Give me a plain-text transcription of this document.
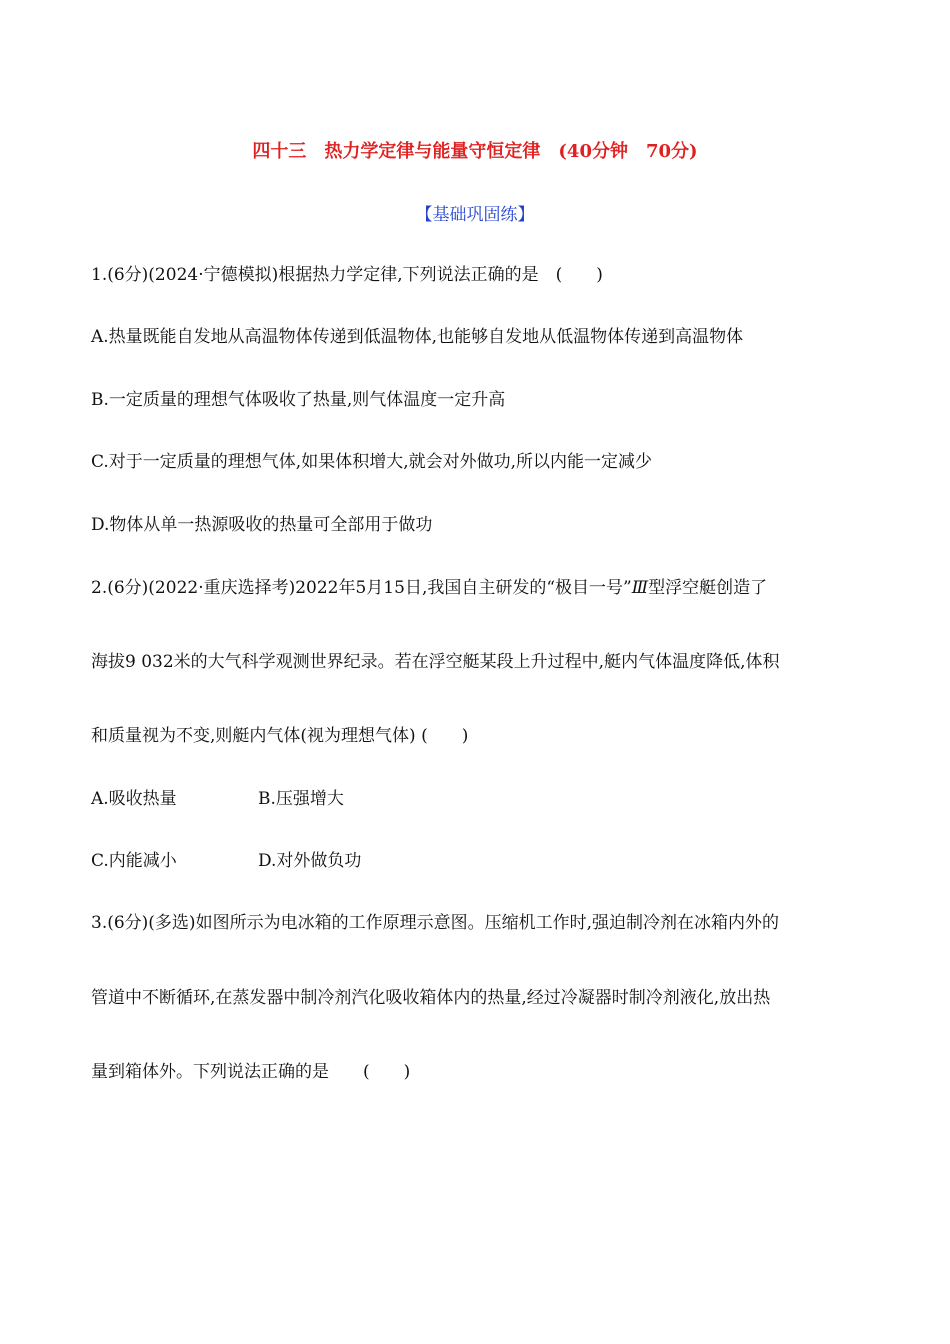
四十三　热力学定律与能量守恒定律　(40分钟　70分)
【基础巩固练】
1.(6分)(2024·宁德模拟)根据热力学定律,下列说法正确的是　(　　)
A.热量既能自发地从高温物体传递到低温物体,也能够自发地从低温物体传递到高温物体
B.一定质量的理想气体吸收了热量,则气体温度一定升高
C.对于一定质量的理想气体,如果体积增大,就会对外做功,所以内能一定减少
D.物体从单一热源吸收的热量可全部用于做功
2.(6分)(2022·重庆选择考)2022年5月15日,我国自主研发的“极目一号”Ⅲ型浮空艇创造了
海拔9 032米的大气科学观测世界纪录。若在浮空艇某段上升过程中,艇内气体温度降低,体积
和质量视为不变,则艇内气体(视为理想气体) (　　)
A.吸收热量	B.压强增大
C.内能减小	D.对外做负功
3.(6分)(多选)如图所示为电冰箱的工作原理示意图。压缩机工作时,强迫制冷剂在冰箱内外的
管道中不断循环,在蒸发器中制冷剂汽化吸收箱体内的热量,经过冷凝器时制冷剂液化,放出热
量到箱体外。下列说法正确的是　　(　　)
